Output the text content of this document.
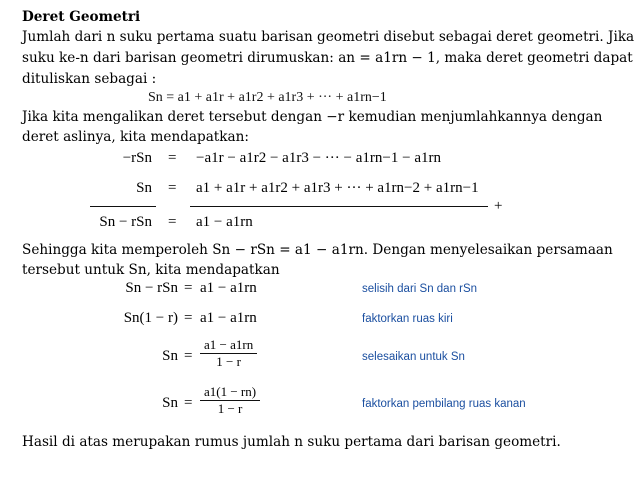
Deret Geometri
Jumlah dari n suku pertama suatu barisan geometri disebut sebagai deret geometri. Jika
suku ke-n dari barisan geometri dirumuskan: an = a1rn − 1, maka deret geometri dapat
dituliskan sebagai :
Sn = a1 + a1r + a1r2 + a1r3 + ··· + a1rn−1
Jika kita mengalikan deret tersebut dengan −r kemudian menjumlahkannya dengan
deret aslinya, kita mendapatkan:
−rSn = −a1r − a1r2 − a1r3 − ··· − a1rn−1 − a1rn
Sn = a1 + a1r + a1r2 + a1r3 + ··· + a1rn−2 + a1rn−1
+
Sn − rSn = a1 − a1rn
Sehingga kita memperoleh Sn − rSn = a1 − a1rn. Dengan menyelesaikan persamaan
tersebut untuk Sn, kita mendapatkan
Sn − rSn = a1 − a1rn	selisih dari Sn dan rSn
Sn(1 − r) = a1 − a1rn	faktorkan ruas kiri
$Sn = \frac{a1 - a1rn}{1 - r}$	selesaikan untuk Sn
$Sn = \frac{a1(1 - rn)}{1 - r}$	faktorkan pembilang ruas kanan
Hasil di atas merupakan rumus jumlah n suku pertama dari barisan geometri.
